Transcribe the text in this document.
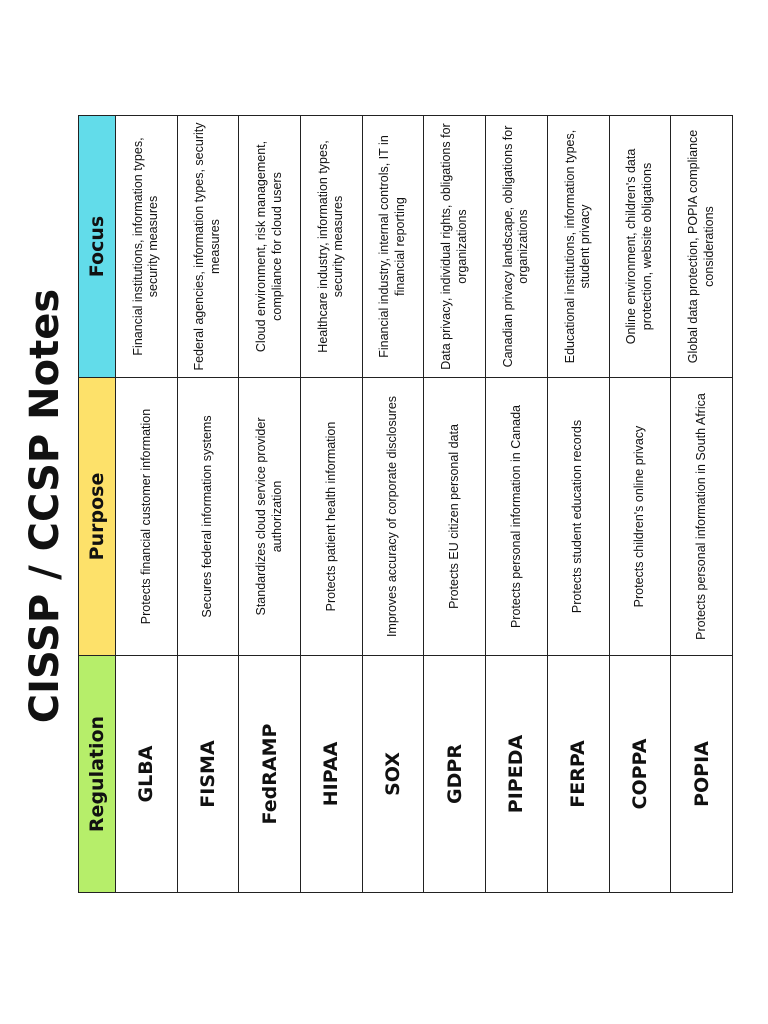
CISSP / CCSP Notes
Regulation	Purpose	Focus
GLBA	Protects financial customer information	Financial institutions, information types, security measures
FISMA	Secures federal information systems	Federal agencies, information types, security measures
FedRAMP	Standardizes cloud service provider authorization	Cloud environment, risk management, compliance for cloud users
HIPAA	Protects patient health information	Healthcare industry, information types, security measures
SOX	Improves accuracy of corporate disclosures	Financial industry, internal controls, IT in financial reporting
GDPR	Protects EU citizen personal data	Data privacy, individual rights, obligations for organizations
PIPEDA	Protects personal information in Canada	Canadian privacy landscape, obligations for organizations
FERPA	Protects student education records	Educational institutions, information types, student privacy
COPPA	Protects children's online privacy	Online environment, children's data protection, website obligations
POPIA	Protects personal information in South Africa	Global data protection, POPIA compliance considerations
